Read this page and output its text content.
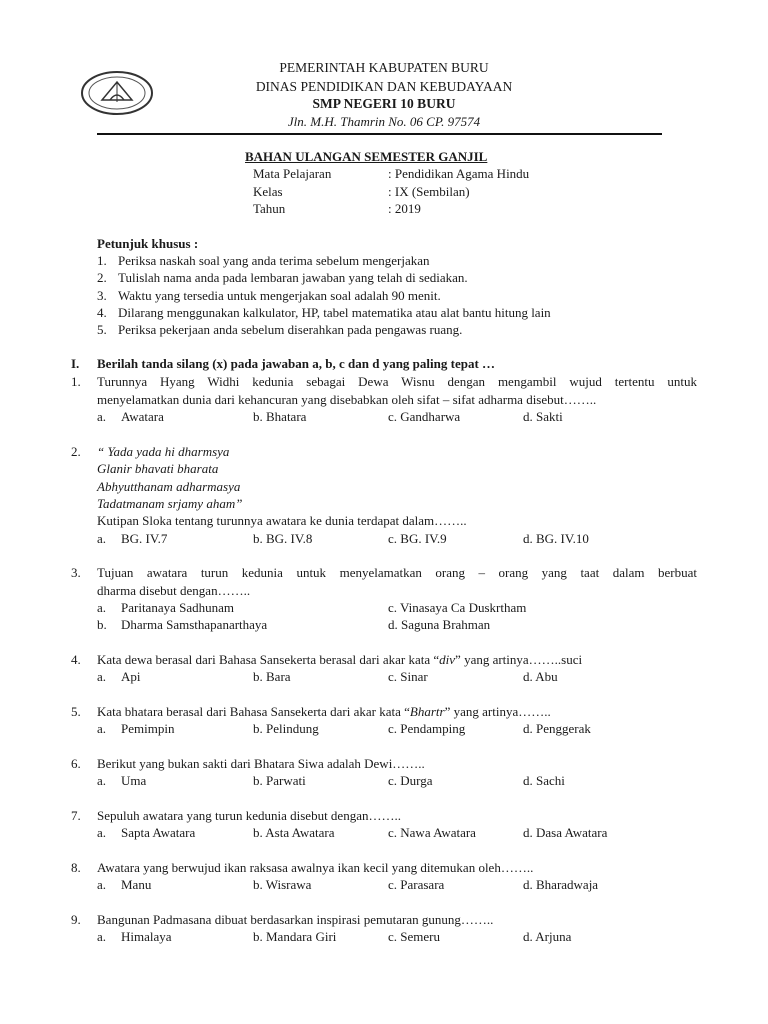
PEMERINTAH KABUPATEN BURU
DINAS PENDIDIKAN DAN KEBUDAYAAN
SMP NEGERI 10 BURU
Jln. M.H. Thamrin No. 06 CP. 97574
BAHAN ULANGAN SEMESTER GANJIL
Mata Pelajaran	: Pendidikan Agama Hindu
Kelas	: IX (Sembilan)
Tahun	: 2019
Petunjuk khusus :
1. Periksa naskah soal yang anda terima sebelum mengerjakan
2. Tulislah nama anda pada lembaran jawaban yang telah di sediakan.
3. Waktu yang tersedia untuk mengerjakan soal adalah 90 menit.
4. Dilarang menggunakan kalkulator, HP, tabel matematika atau alat bantu hitung lain
5. Periksa pekerjaan anda sebelum diserahkan pada pengawas ruang.
I. Berilah tanda silang (x) pada jawaban a, b, c dan d yang paling tepat …
1. Turunnya Hyang Widhi kedunia sebagai Dewa Wisnu dengan mengambil wujud tertentu untuk
menyelamatkan dunia dari kehancuran yang disebabkan oleh sifat – sifat adharma disebut……..
a. Awatara	b. Bhatara	c. Gandharwa	d. Sakti
2. “ Yada yada hi dharmsya
Glanir bhavati bharata
Abhyutthanam adharmasya
Tadatmanam srjamy aham”
Kutipan Sloka tentang turunnya awatara ke dunia terdapat dalam……..
a. BG. IV.7	b. BG. IV.8	c. BG. IV.9	d. BG. IV.10
3. Tujuan awatara turun kedunia untuk menyelamatkan orang – orang yang taat dalam berbuat
dharma disebut dengan……..
a. Paritanaya Sadhunam	c. Vinasaya Ca Duskrtham
b. Dharma Samsthapanarthaya	d. Saguna Brahman
4. Kata dewa berasal dari Bahasa Sansekerta berasal dari akar kata “div” yang artinya……..suci
a. Api	b. Bara	c. Sinar	d. Abu
5. Kata bhatara berasal dari Bahasa Sansekerta dari akar kata “Bhartr” yang artinya……..
a. Pemimpin	b. Pelindung	c. Pendamping	d. Penggerak
6. Berikut yang bukan sakti dari Bhatara Siwa adalah Dewi……..
a. Uma	b. Parwati	c. Durga	d. Sachi
7. Sepuluh awatara yang turun kedunia disebut dengan……..
a. Sapta Awatara	b. Asta Awatara	c. Nawa Awatara	d. Dasa Awatara
8. Awatara yang berwujud ikan raksasa awalnya ikan kecil yang ditemukan oleh……..
a. Manu	b. Wisrawa	c. Parasara	d. Bharadwaja
9. Bangunan Padmasana dibuat berdasarkan inspirasi pemutaran gunung……..
a. Himalaya	b. Mandara Giri	c. Semeru	d. Arjuna
